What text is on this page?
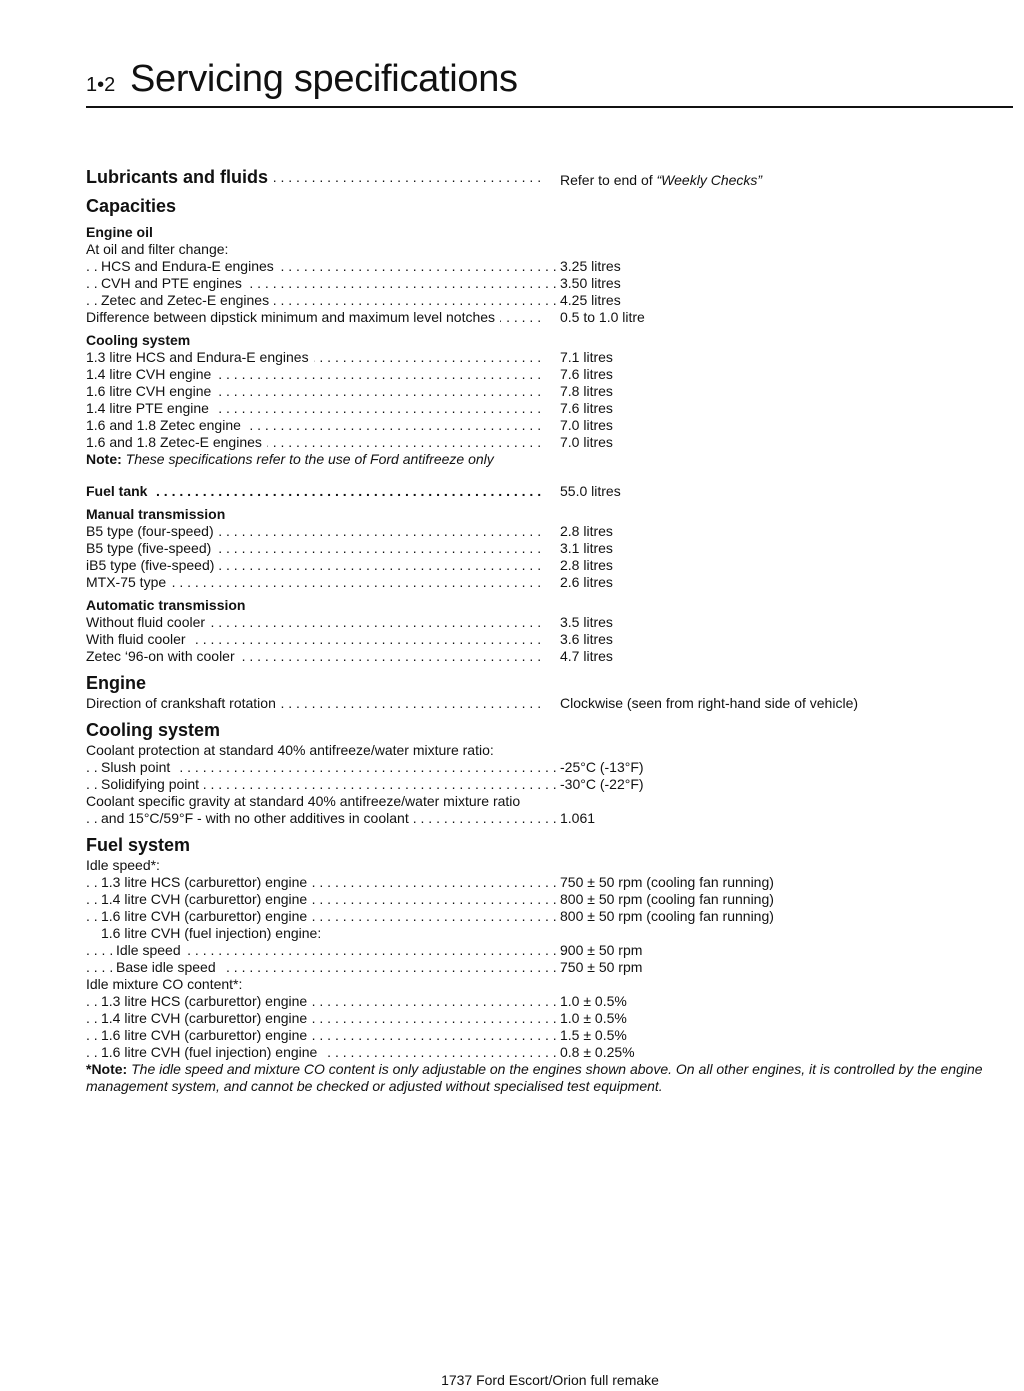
1•2 Servicing specifications
Lubricants and fluids . . .	Refer to end of “Weekly Checks”
Capacities
Engine oil
At oil and filter change:
HCS and Endura-E engines . . .	3.25 litres
CVH and PTE engines . . .	3.50 litres
Zetec and Zetec-E engines . . .	4.25 litres
Difference between dipstick minimum and maximum level notches . . .	0.5 to 1.0 litre
Cooling system
1.3 litre HCS and Endura-E engines . . .	7.1 litres
1.4 litre CVH engine . . .	7.6 litres
1.6 litre CVH engine . . .	7.8 litres
1.4 litre PTE engine . . .	7.6 litres
1.6 and 1.8 Zetec engine . . .	7.0 litres
1.6 and 1.8 Zetec-E engines . . .	7.0 litres
Note: These specifications refer to the use of Ford antifreeze only
Fuel tank . . .	55.0 litres
Manual transmission
B5 type (four-speed) . . .	2.8 litres
B5 type (five-speed) . . .	3.1 litres
iB5 type (five-speed) . . .	2.8 litres
MTX-75 type . . .	2.6 litres
Automatic transmission
Without fluid cooler . . .	3.5 litres
With fluid cooler . . .	3.6 litres
Zetec ‘96-on with cooler . . .	4.7 litres
Engine
Direction of crankshaft rotation . . .	Clockwise (seen from right-hand side of vehicle)
Cooling system
Coolant protection at standard 40% antifreeze/water mixture ratio:
Slush point . . .	-25°C (-13°F)
Solidifying point . . .	-30°C (-22°F)
Coolant specific gravity at standard 40% antifreeze/water mixture ratio
and 15°C/59°F - with no other additives in coolant . . .	1.061
Fuel system
Idle speed*:
1.3 litre HCS (carburettor) engine . . .	750 ± 50 rpm (cooling fan running)
1.4 litre CVH (carburettor) engine . . .	800 ± 50 rpm (cooling fan running)
1.6 litre CVH (carburettor) engine . . .	800 ± 50 rpm (cooling fan running)
1.6 litre CVH (fuel injection) engine:
Idle speed . . .	900 ± 50 rpm
Base idle speed . . .	750 ± 50 rpm
Idle mixture CO content*:
1.3 litre HCS (carburettor) engine . . .	1.0 ± 0.5%
1.4 litre CVH (carburettor) engine . . .	1.0 ± 0.5%
1.6 litre CVH (carburettor) engine . . .	1.5 ± 0.5%
1.6 litre CVH (fuel injection) engine . . .	0.8 ± 0.25%
*Note: The idle speed and mixture CO content is only adjustable on the engines shown above. On all other engines, it is controlled by the engine management system, and cannot be checked or adjusted without specialised test equipment.
1737 Ford Escort/Orion full remake
